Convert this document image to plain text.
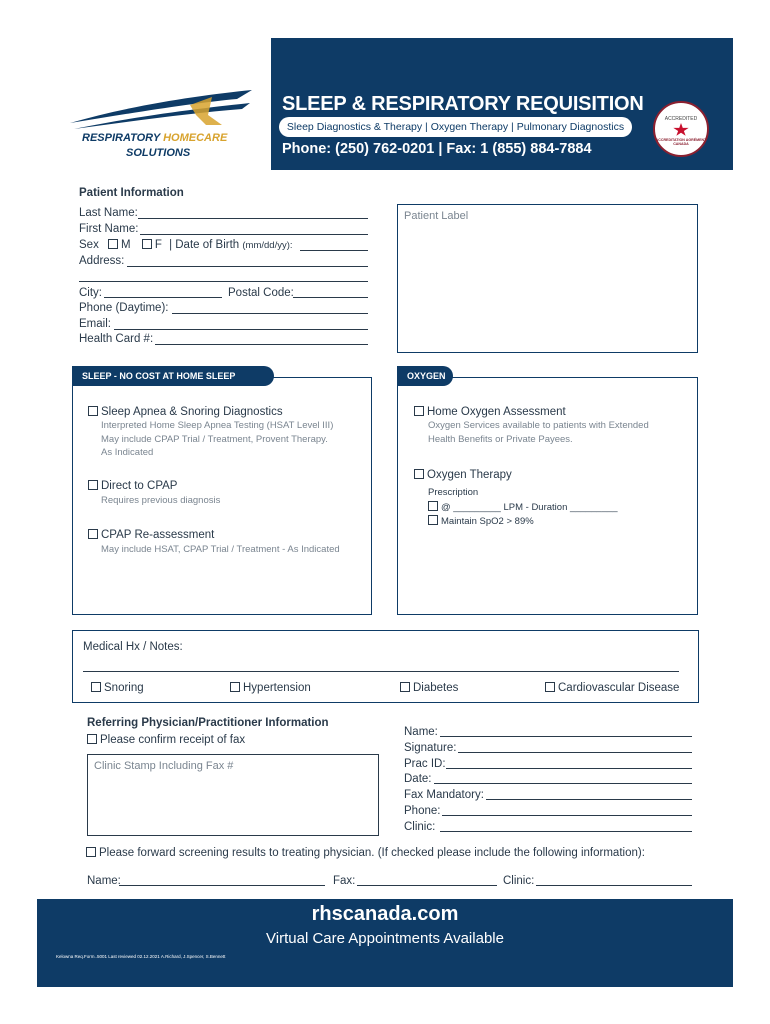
SLEEP & RESPIRATORY REQUISITION
Sleep Diagnostics & Therapy | Oxygen Therapy | Pulmonary Diagnostics
Phone: (250) 762-0201 | Fax: 1 (855) 884-7884
ACCREDITED
ACCREDITATION AGRÉMENT CANADA
RESPIRATORY HOMECARE
SOLUTIONS
Patient Information
Last Name:
First Name:
Sex M F | Date of Birth (mm/dd/yy):
Address:
City:	Postal Code:
Phone (Daytime):
Email:
Health Card #:
Patient Label
SLEEP - NO COST AT HOME SLEEP TESTING
Sleep Apnea & Snoring Diagnostics
Interpreted Home Sleep Apnea Testing (HSAT Level III)
May include CPAP Trial / Treatment, Provent Therapy.
As Indicated
Direct to CPAP
Requires previous diagnosis
CPAP Re-assessment
May include HSAT, CPAP Trial / Treatment - As Indicated
OXYGEN
Home Oxygen Assessment
Oxygen Services available to patients with Extended
Health Benefits or Private Payees.
Oxygen Therapy
Prescription
@ _________ LPM - Duration _________
Maintain SpO2 > 89%
Medical Hx / Notes:
Snoring	Hypertension	Diabetes	Cardiovascular Disease
Referring Physician/Practitioner Information
Please confirm receipt of fax
Clinic Stamp Including Fax #
Name:
Signature:
Prac ID:
Date:
Fax Mandatory:
Phone:
Clinic:
Please forward screening results to treating physician. (If checked please include the following information):
Name:	Fax:	Clinic:
rhscanada.com
Virtual Care Appointments Available
Kelowna Req.Form..5001 Last reviewed 02.12.2021 A.Richard, J.Spencer, S.Bennett
